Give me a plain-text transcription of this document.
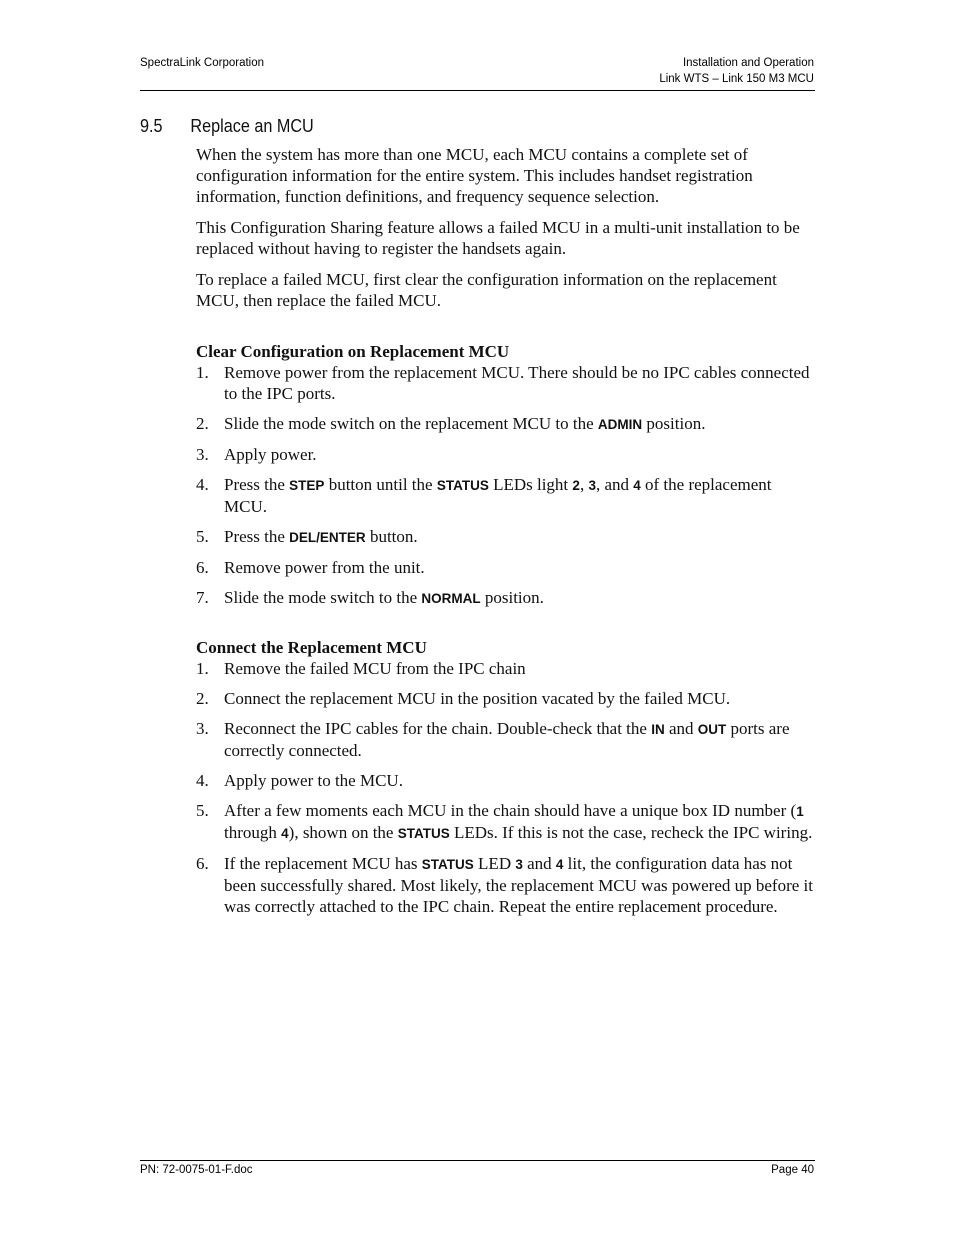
SpectraLink Corporation	Installation and Operation
Link WTS – Link 150 M3 MCU
9.5 Replace an MCU

When the system has more than one MCU, each MCU contains a complete set of configuration information for the entire system. This includes handset registration information, function definitions, and frequency sequence selection.

This Configuration Sharing feature allows a failed MCU in a multi-unit installation to be replaced without having to register the handsets again.

To replace a failed MCU, first clear the configuration information on the replacement MCU, then replace the failed MCU.

Clear Configuration on Replacement MCU
1. Remove power from the replacement MCU. There should be no IPC cables connected to the IPC ports.
2. Slide the mode switch on the replacement MCU to the ADMIN position.
3. Apply power.
4. Press the STEP button until the STATUS LEDs light 2, 3, and 4 of the replacement MCU.
5. Press the DEL/ENTER button.
6. Remove power from the unit.
7. Slide the mode switch to the NORMAL position.
Connect the Replacement MCU
1. Remove the failed MCU from the IPC chain
2. Connect the replacement MCU in the position vacated by the failed MCU.
3. Reconnect the IPC cables for the chain. Double-check that the IN and OUT ports are correctly connected.
4. Apply power to the MCU.
5. After a few moments each MCU in the chain should have a unique box ID number (1 through 4), shown on the STATUS LEDs. If this is not the case, recheck the IPC wiring.
6. If the replacement MCU has STATUS LED 3 and 4 lit, the configuration data has not been successfully shared. Most likely, the replacement MCU was powered up before it was correctly attached to the IPC chain. Repeat the entire replacement procedure.
PN: 72-0075-01-F.doc	Page 40
